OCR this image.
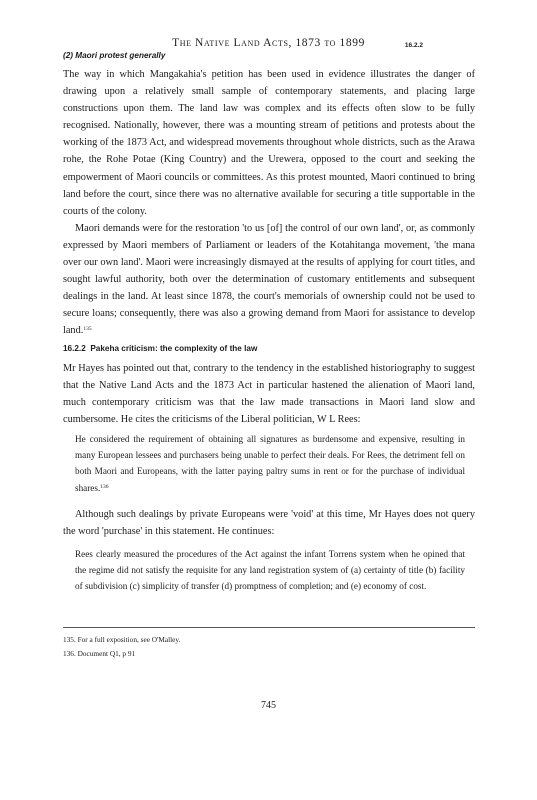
The Native Land Acts, 1873 to 1899	16.2.2
(2) Maori protest generally

The way in which Mangakahia's petition has been used in evidence illustrates the danger of drawing upon a relatively small sample of contemporary statements, and placing large constructions upon them. The land law was complex and its effects often slow to be fully recognised. Nationally, however, there was a mounting stream of petitions and protests about the working of the 1873 Act, and widespread movements throughout whole districts, such as the Arawa rohe, the Rohe Potae (King Country) and the Urewera, opposed to the court and seeking the empowerment of Maori councils or committees. As this protest mounted, Maori continued to bring land before the court, since there was no alternative available for securing a title supportable in the courts of the colony.

Maori demands were for the restoration 'to us [of] the control of our own land', or, as commonly expressed by Maori members of Parliament or leaders of the Kotahitanga movement, 'the mana over our own land'. Maori were increasingly dismayed at the results of applying for court titles, and sought lawful authority, both over the determination of customary entitlements and subsequent dealings in the land. At least since 1878, the court's memorials of ownership could not be used to secure loans; consequently, there was also a growing demand from Maori for assistance to develop land.$^{135}$

16.2.2 Pakeha criticism: the complexity of the law

Mr Hayes has pointed out that, contrary to the tendency in the established historiography to suggest that the Native Land Acts and the 1873 Act in particular hastened the alienation of Maori land, much contemporary criticism was that the law made transactions in Maori land slow and cumbersome. He cites the criticisms of the Liberal politician, W L Rees:

He considered the requirement of obtaining all signatures as burdensome and expensive, resulting in many European lessees and purchasers being unable to perfect their deals. For Rees, the detriment fell on both Maori and Europeans, with the latter paying paltry sums in rent or for the purchase of individual shares.$^{136}$

Although such dealings by private Europeans were 'void' at this time, Mr Hayes does not query the word 'purchase' in this statement. He continues:

Rees clearly measured the procedures of the Act against the infant Torrens system when he opined that the regime did not satisfy the requisite for any land registration system of (a) certainty of title (b) facility of subdivision (c) simplicity of transfer (d) promptness of completion; and (e) economy of cost.

135. For a full exposition, see O'Malley.
136. Document Q1, p 91
745
